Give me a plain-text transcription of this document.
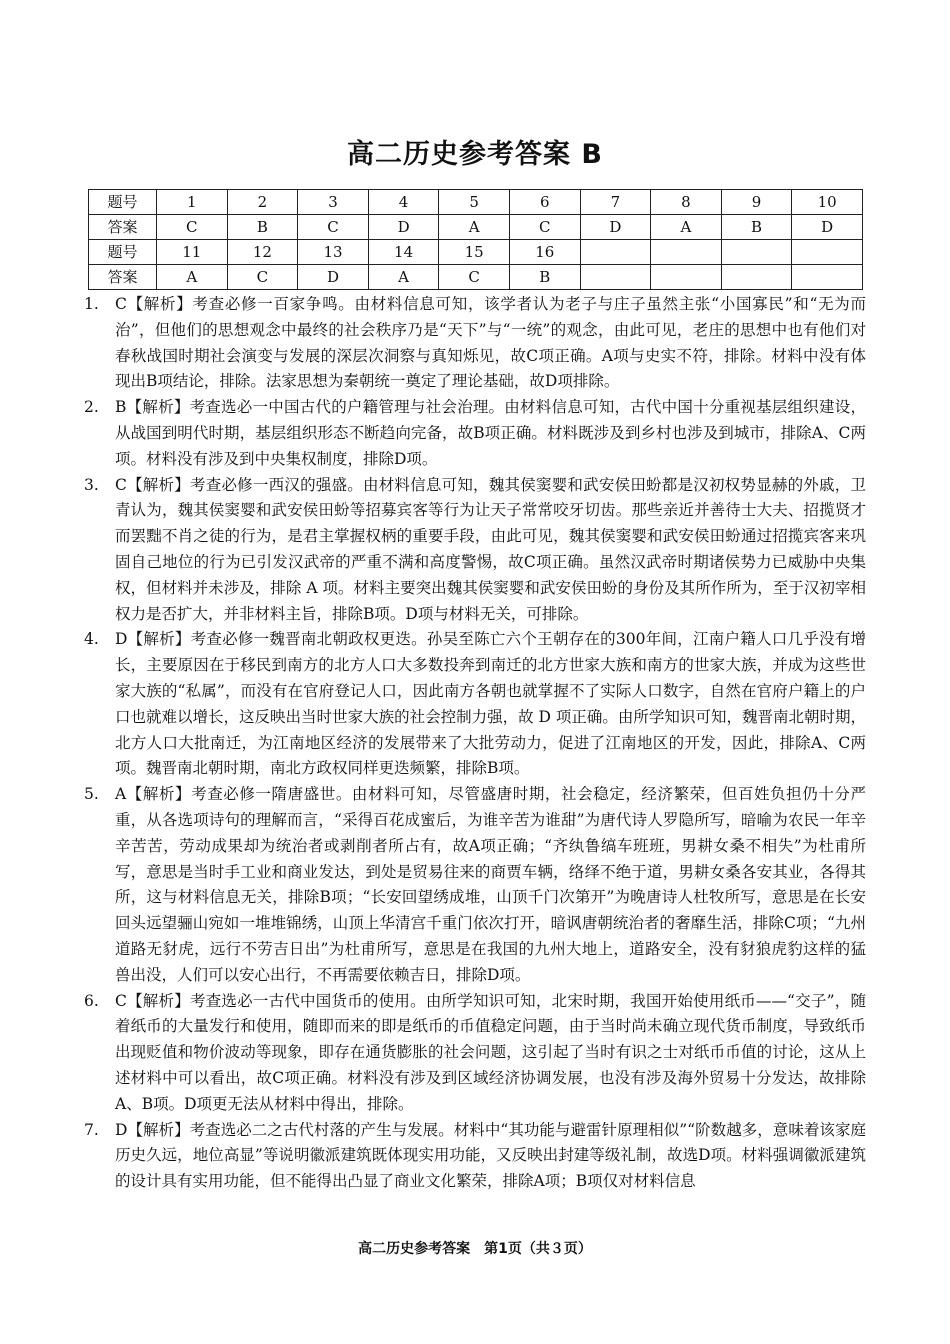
高二历史参考答案 B
题号	1	2	3	4	5	6	7	8	9	10
答案	C	B	C	D	A	C	D	A	B	D
题号	11	12	13	14	15	16				
答案	A	C	D	A	C	B				
1. C【解析】考查必修一百家争鸣。由材料信息可知，该学者认为老子与庄子虽然主张“小国寡民”和“无为而治”，但他们的思想观念中最终的社会秩序乃是“天下”与“一统”的观念，由此可见，老庄的思想中也有他们对春秋战国时期社会演变与发展的深层次洞察与真知烁见，故C项正确。A项与史实不符，排除。材料中没有体现出B项结论，排除。法家思想为秦朝统一奠定了理论基础，故D项排除。
2. B【解析】考查选必一中国古代的户籍管理与社会治理。由材料信息可知，古代中国十分重视基层组织建设，从战国到明代时期，基层组织形态不断趋向完备，故B项正确。材料既涉及到乡村也涉及到城市，排除A、C两项。材料没有涉及到中央集权制度，排除D项。
3. C【解析】考查必修一西汉的强盛。由材料信息可知，魏其侯窦婴和武安侯田蚡都是汉初权势显赫的外戚，卫青认为，魏其侯窦婴和武安侯田蚡等招募宾客等行为让天子常常咬牙切齿。那些亲近并善待士大夫、招揽贤才而罢黜不肖之徒的行为，是君主掌握权柄的重要手段，由此可见，魏其侯窦婴和武安侯田蚡通过招揽宾客来巩固自己地位的行为已引发汉武帝的严重不满和高度警惕，故C项正确。虽然汉武帝时期诸侯势力已威胁中央集权，但材料并未涉及，排除 A 项。材料主要突出魏其侯窦婴和武安侯田蚡的身份及其所作所为，至于汉初宰相权力是否扩大，并非材料主旨，排除B项。D项与材料无关，可排除。
4. D【解析】考查必修一魏晋南北朝政权更迭。孙吴至陈亡六个王朝存在的300年间，江南户籍人口几乎没有增长，主要原因在于移民到南方的北方人口大多数投奔到南迁的北方世家大族和南方的世家大族，并成为这些世家大族的“私属”，而没有在官府登记人口，因此南方各朝也就掌握不了实际人口数字，自然在官府户籍上的户口也就难以增长，这反映出当时世家大族的社会控制力强，故 D 项正确。由所学知识可知，魏晋南北朝时期，北方人口大批南迁，为江南地区经济的发展带来了大批劳动力，促进了江南地区的开发，因此，排除A、C两项。魏晋南北朝时期，南北方政权同样更迭频繁，排除B项。
5. A【解析】考查必修一隋唐盛世。由材料可知，尽管盛唐时期，社会稳定，经济繁荣，但百姓负担仍十分严重，从各选项诗句的理解而言，“采得百花成蜜后，为谁辛苦为谁甜”为唐代诗人罗隐所写，暗喻为农民一年辛辛苦苦，劳动成果却为统治者或剥削者所占有，故A项正确；“齐纨鲁缟车班班，男耕女桑不相失”为杜甫所写，意思是当时手工业和商业发达，到处是贸易往来的商贾车辆，络绎不绝于道，男耕女桑各安其业，各得其所，这与材料信息无关，排除B项；“长安回望绣成堆，山顶千门次第开”为晚唐诗人杜牧所写，意思是在长安回头远望骊山宛如一堆堆锦绣，山顶上华清宫千重门依次打开，暗讽唐朝统治者的奢靡生活，排除C项；“九州道路无豺虎，远行不劳吉日出”为杜甫所写，意思是在我国的九州大地上，道路安全，没有豺狼虎豹这样的猛兽出没，人们可以安心出行，不再需要依赖吉日，排除D项。
6. C【解析】考查选必一古代中国货币的使用。由所学知识可知，北宋时期，我国开始使用纸币——“交子”，随着纸币的大量发行和使用，随即而来的即是纸币的币值稳定问题，由于当时尚未确立现代货币制度，导致纸币出现贬值和物价波动等现象，即存在通货膨胀的社会问题，这引起了当时有识之士对纸币币值的讨论，这从上述材料中可以看出，故C项正确。材料没有涉及到区域经济协调发展，也没有涉及海外贸易十分发达，故排除A、B项。D项更无法从材料中得出，排除。
7. D【解析】考查选必二之古代村落的产生与发展。材料中“其功能与避雷针原理相似”“阶数越多，意味着该家庭历史久远，地位高显”等说明徽派建筑既体现实用功能，又反映出封建等级礼制，故选D项。材料强调徽派建筑的设计具有实用功能，但不能得出凸显了商业文化繁荣，排除A项；B项仅对材料信息
高二历史参考答案　第1页（共３页）
